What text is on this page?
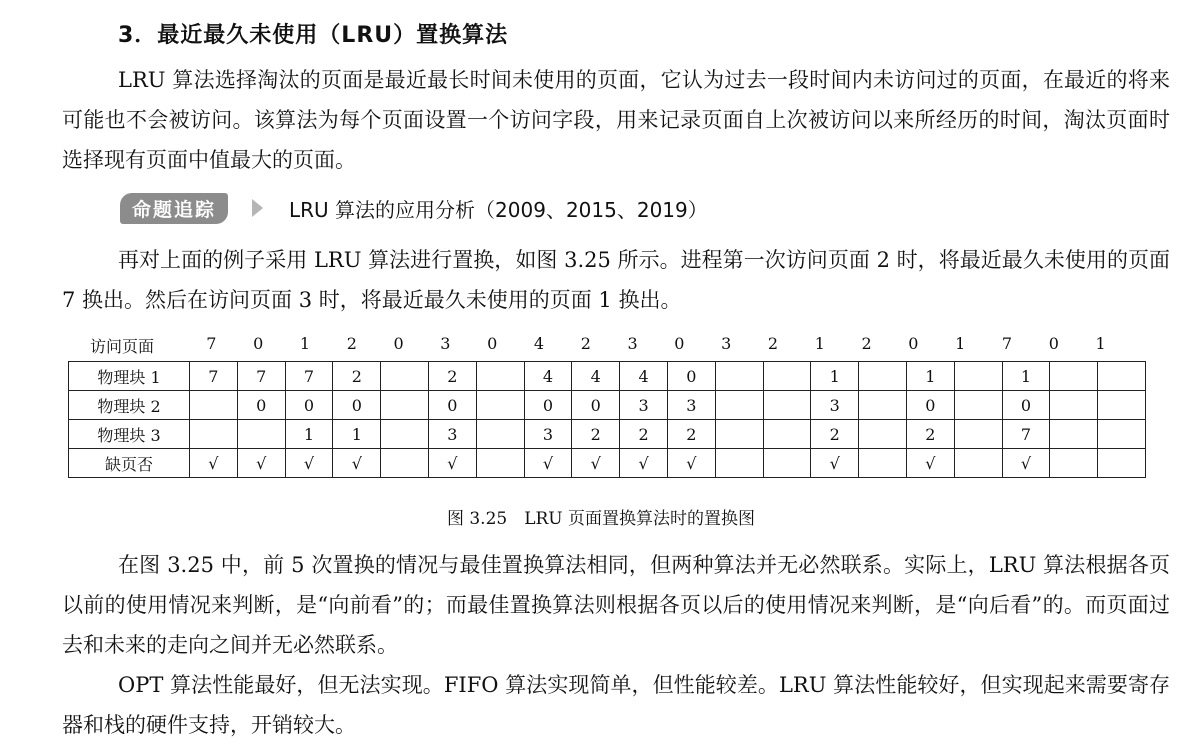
3．最近最久未使用（LRU）置换算法

LRU 算法选择淘汰的页面是最近最长时间未使用的页面，它认为过去一段时间内未访问过的页面，在最近的将来可能也不会被访问。该算法为每个页面设置一个访问字段，用来记录页面自上次被访问以来所经历的时间，淘汰页面时选择现有页面中值最大的页面。

命题追踪	LRU 算法的应用分析（2009、2015、2019）

再对上面的例子采用 LRU 算法进行置换，如图 3.25 所示。进程第一次访问页面 2 时，将最近最久未使用的页面 7 换出。然后在访问页面 3 时，将最近最久未使用的页面 1 换出。

访问页面	7	0	1	2	0	3	0	4	2	3	0	3	2	1	2	0	1	7	0	1
物理块 1	7	7	7	2		2		4	4	4	0			1		1		1		
物理块 2		0	0	0		0		0	0	3	3			3		0		0		
物理块 3			1	1		3		3	2	2	2			2		2		7		
缺页否	√	√	√	√		√		√	√	√	√			√		√		√		
图 3.25　LRU 页面置换算法时的置换图

在图 3.25 中，前 5 次置换的情况与最佳置换算法相同，但两种算法并无必然联系。实际上，LRU 算法根据各页以前的使用情况来判断，是“向前看”的；而最佳置换算法则根据各页以后的使用情况来判断，是“向后看”的。而页面过去和未来的走向之间并无必然联系。

OPT 算法性能最好，但无法实现。FIFO 算法实现简单，但性能较差。LRU 算法性能较好，但实现起来需要寄存器和栈的硬件支持，开销较大。
